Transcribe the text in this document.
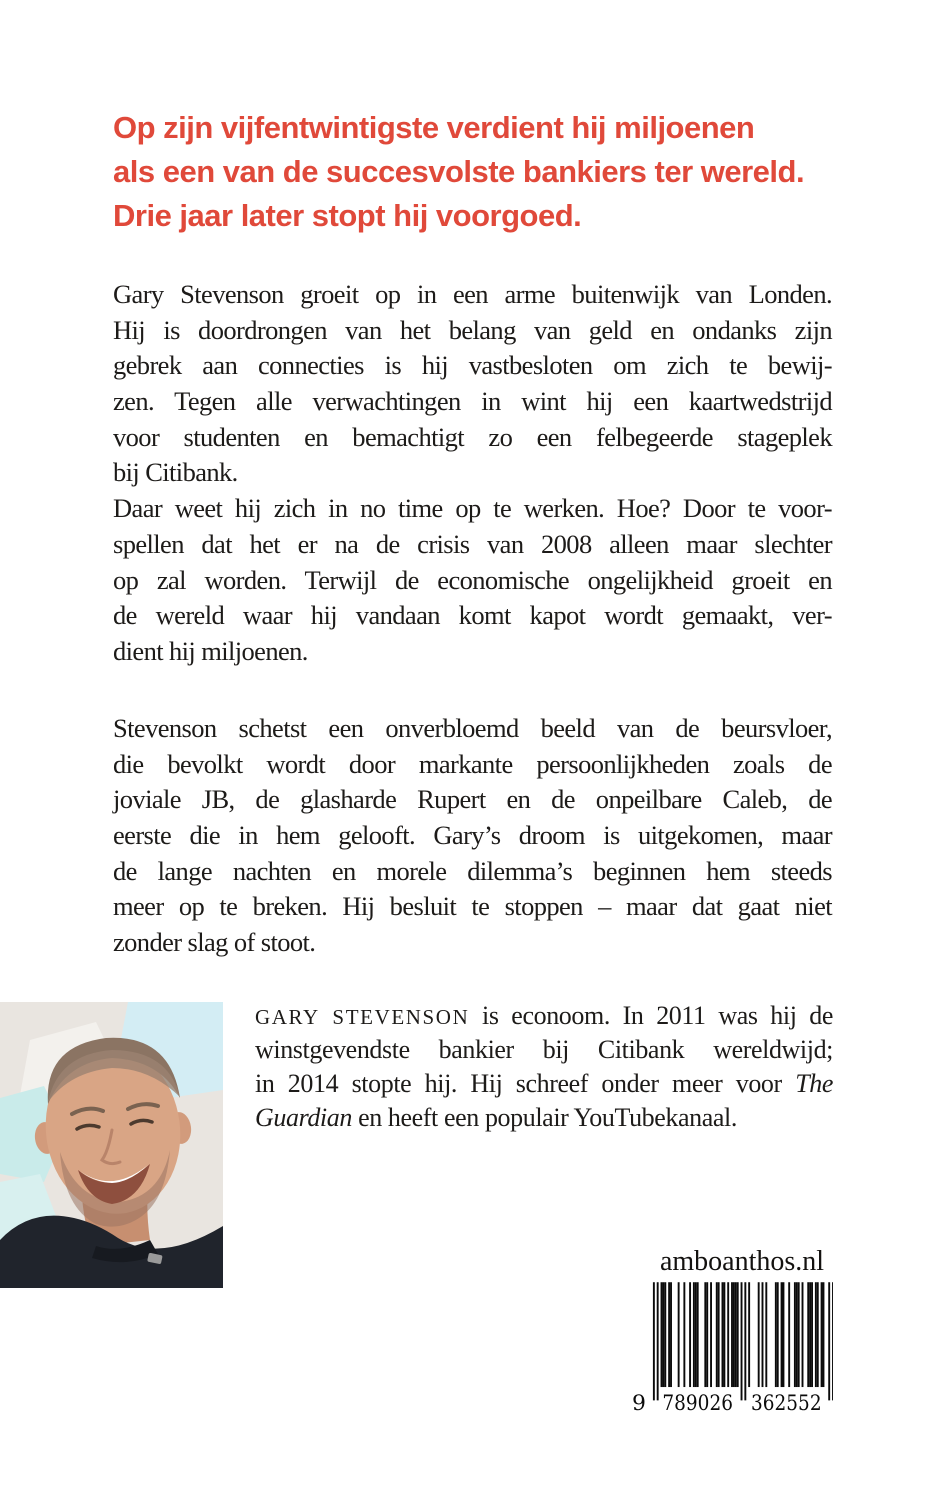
Op zijn vijfentwintigste verdient hij miljoenen
als een van de succesvolste bankiers ter wereld.
Drie jaar later stopt hij voorgoed.
Gary Stevenson groeit op in een arme buitenwijk van Londen.
Hij is doordrongen van het belang van geld en ondanks zijn
gebrek aan connecties is hij vastbesloten om zich te bewij-
zen. Tegen alle verwachtingen in wint hij een kaartwedstrijd
voor studenten en bemachtigt zo een felbegeerde stageplek
bij Citibank.
Daar weet hij zich in no time op te werken. Hoe? Door te voor-
spellen dat het er na de crisis van 2008 alleen maar slechter
op zal worden. Terwijl de economische ongelijkheid groeit en
de wereld waar hij vandaan komt kapot wordt gemaakt, ver-
dient hij miljoenen.
Stevenson schetst een onverbloemd beeld van de beursvloer,
die bevolkt wordt door markante persoonlijkheden zoals de
joviale JB, de glasharde Rupert en de onpeilbare Caleb, de
eerste die in hem gelooft. Gary’s droom is uitgekomen, maar
de lange nachten en morele dilemma’s beginnen hem steeds
meer op te breken. Hij besluit te stoppen – maar dat gaat niet
zonder slag of stoot.
GARY STEVENSON is econoom. In 2011 was hij de
winstgevendste bankier bij Citibank wereldwijd;
in 2014 stopte hij. Hij schreef onder meer voor The
Guardian en heeft een populair YouTubekanaal.
amboanthos.nl
9 789026 362552
